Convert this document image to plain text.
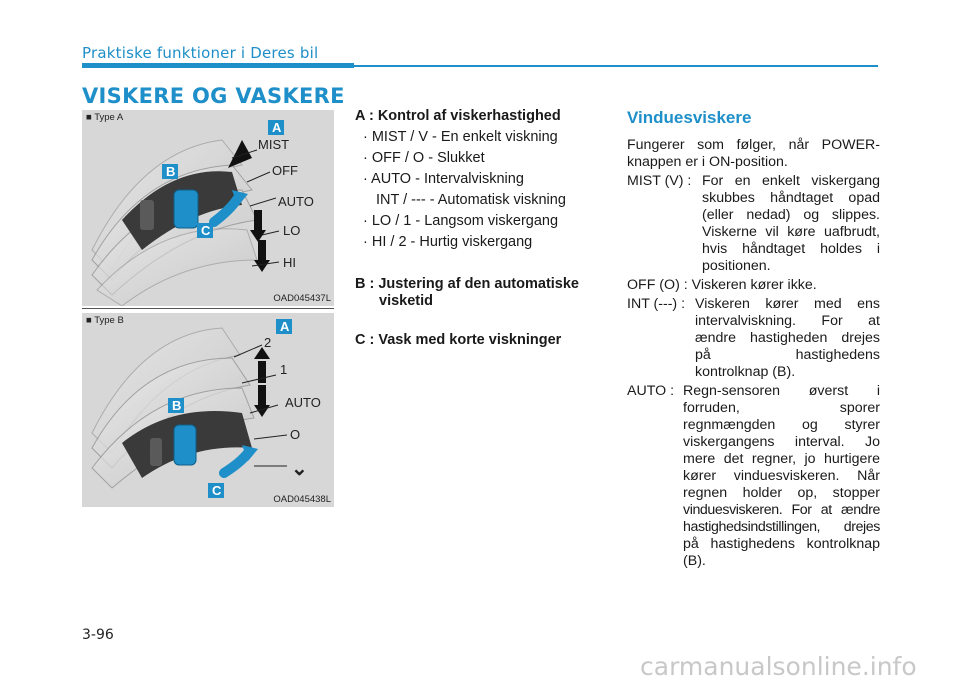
Praktiske funktioner i Deres bil
VISKERE OG VASKERE
MIST
OFF
AUTO
LO
HI
A
B
C
■ Type A
OAD045437L
2
1
AUTO
O
⌄
A
B
C
■ Type B
OAD045438L
A : Kontrol af viskerhastighed
· MIST / V - En enkelt viskning
· OFF / O - Slukket
· AUTO - Intervalviskning
INT / --- - Automatisk viskning
· LO / 1 - Langsom viskergang
· HI / 2 - Hurtig viskergang
B : Justering af den automatiske
visketid
C : Vask med korte viskninger
Vinduesviskere
Fungerer som følger, når POWER-
knappen er i ON-position.
MIST (V) : For en enkelt viskergang
skubbes håndtaget opad
(eller nedad) og slippes.
Viskerne vil køre uafbrudt,
hvis håndtaget holdes i
positionen.
OFF (O) : Viskeren kører ikke.
INT (---) : Viskeren kører med ens
intervalviskning. For at
ændre hastigheden drejes
på hastighedens
kontrolknap (B).
AUTO : Regn-sensoren øverst i
forruden, sporer
regnmængden og styrer
viskergangens interval. Jo
mere det regner, jo hurtigere
kører vinduesviskeren. Når
regnen holder op, stopper
vinduesviskeren. For at ændre
hastighedsindstillingen, drejes
på hastighedens kontrolknap
(B).
3-96
carmanualsonline.info
